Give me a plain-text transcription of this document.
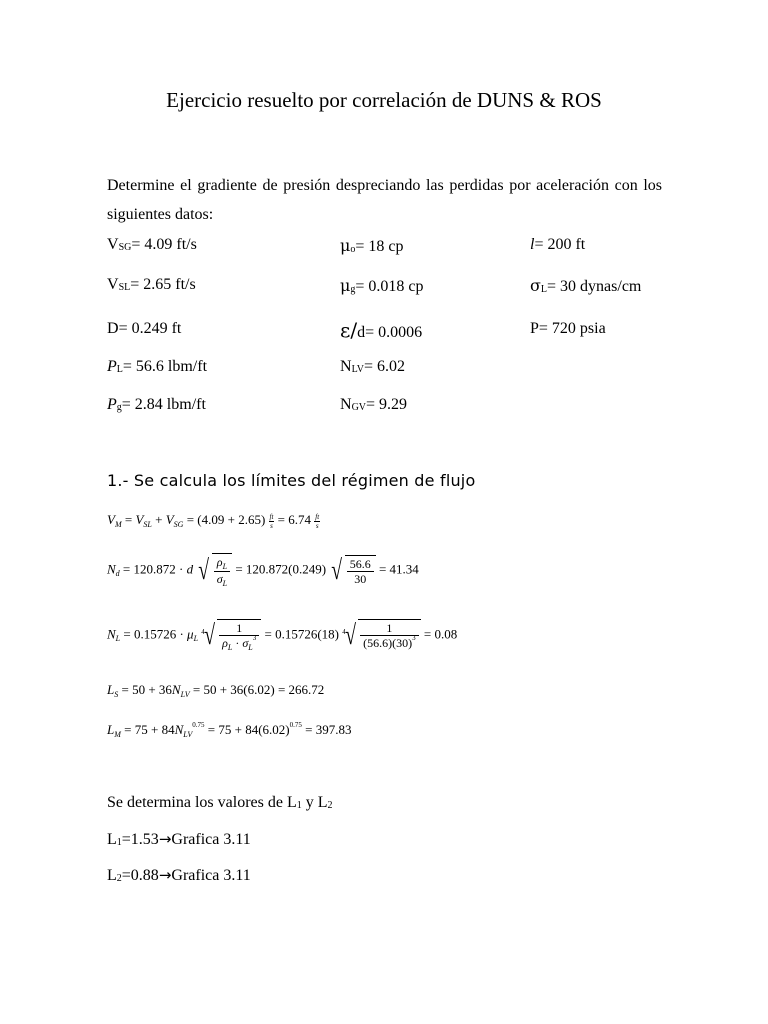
Ejercicio resuelto por correlación de DUNS & ROS
Determine el gradiente de presión despreciando las perdidas por aceleración con los siguientes datos:
VSG= 4.09 ft/s	μo= 18 cp	l= 200 ft
VSL= 2.65 ft/s	μg= 0.018 cp	σL= 30 dynas/cm
D= 0.249 ft	ε/d= 0.0006	P= 720 psia
PL= 56.6 lbm/ft	NLV= 6.02
Pg= 2.84 lbm/ft	NGV= 9.29
1.- Se calcula los límites del régimen de flujo
$V_M = V_{SL} + V_{SG} = (4.09 + 2.65) \frac{ft}{s} = 6.74 \frac{ft}{s}$
$N_d = 120.872 \cdot d$ √ $\frac{\rho_L}{\sigma_L} = 120.872(0.249)$ √ $\frac{56.6}{30} = 41.34$
$N_L = 0.15726 \cdot \mu_L$ $^4√ \frac{1}{\rho_L \cdot \sigma_L^3} = 0.15726(18)$ $^4√ \frac{1}{(56.6)(30)^3} = 0.08$
$L_S = 50 + 36N_{LV} = 50 + 36(6.02) = 266.72$
$L_M = 75 + 84N_{LV}^{0.75} = 75 + 84(6.02)^{0.75} = 397.83$
Se determina los valores de L1 y L2
L1=1.53→Grafica 3.11
L2=0.88→Grafica 3.11
